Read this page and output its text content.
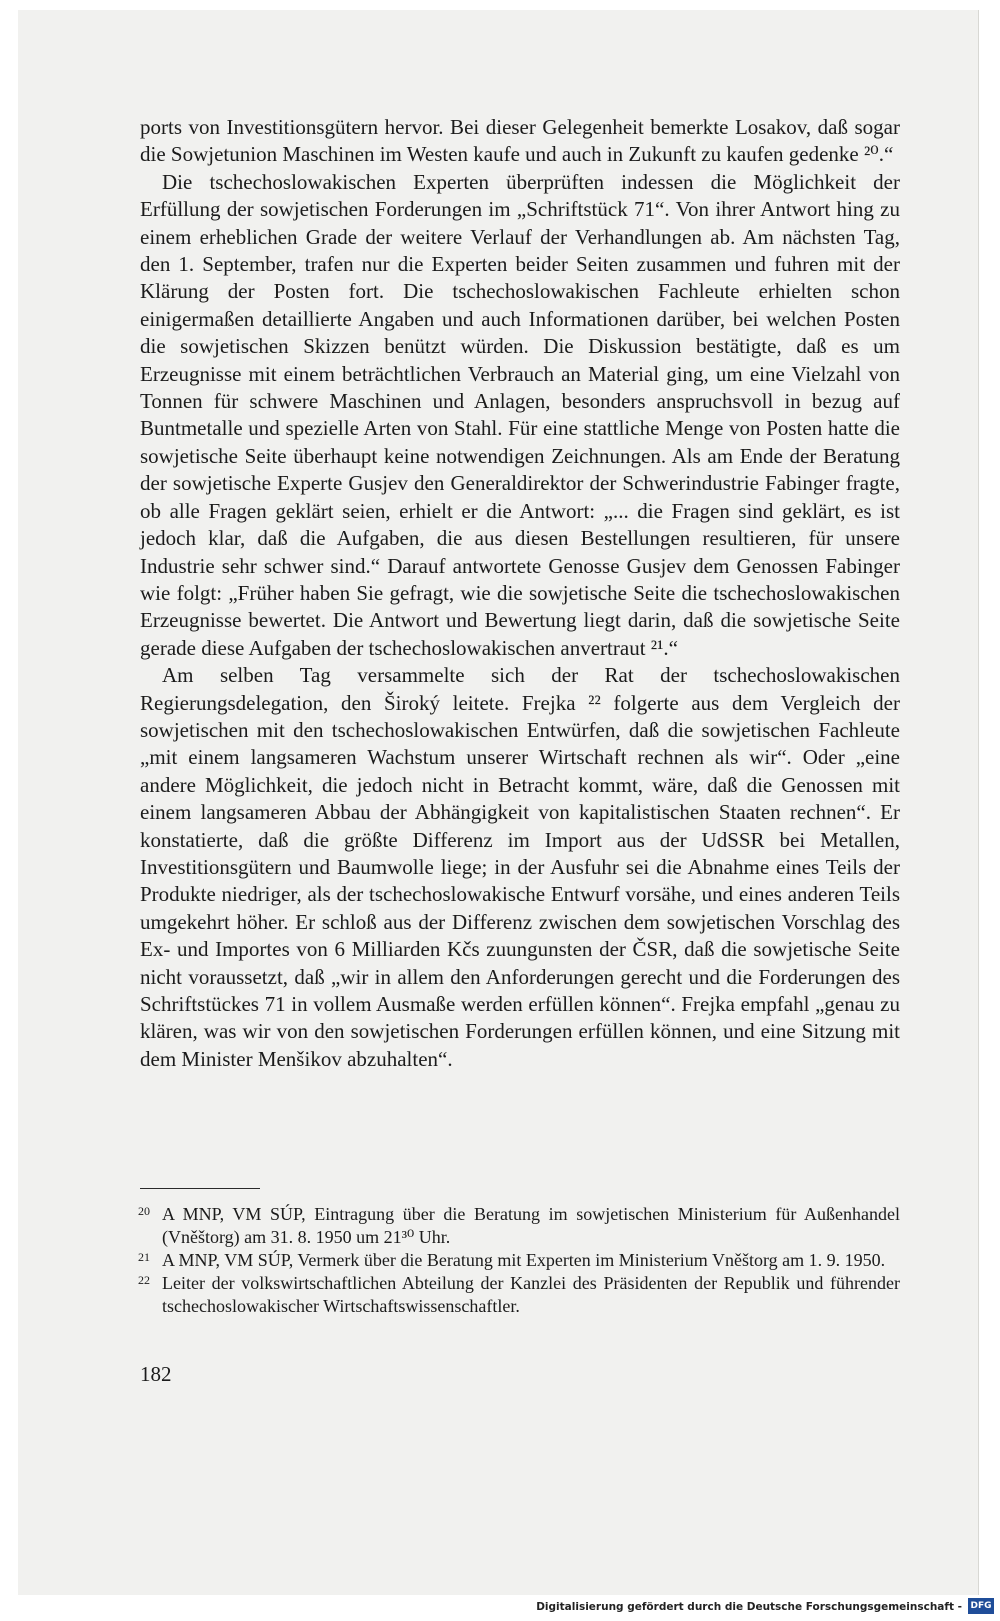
ports von Investitionsgütern hervor. Bei dieser Gelegenheit bemerkte Losakov, daß sogar die Sowjetunion Maschinen im Westen kaufe und auch in Zukunft zu kaufen gedenke ²⁰.“

Die tschechoslowakischen Experten überprüften indessen die Möglichkeit der Erfüllung der sowjetischen Forderungen im „Schriftstück 71“. Von ihrer Antwort hing zu einem erheblichen Grade der weitere Verlauf der Verhandlungen ab. Am nächsten Tag, den 1. September, trafen nur die Experten beider Seiten zusammen und fuhren mit der Klärung der Posten fort. Die tschechoslowakischen Fachleute erhielten schon einigermaßen detaillierte Angaben und auch Informationen darüber, bei welchen Posten die sowjetischen Skizzen benützt würden. Die Diskussion bestätigte, daß es um Erzeugnisse mit einem beträchtlichen Verbrauch an Material ging, um eine Vielzahl von Tonnen für schwere Maschinen und Anlagen, besonders anspruchsvoll in bezug auf Buntmetalle und spezielle Arten von Stahl. Für eine stattliche Menge von Posten hatte die sowjetische Seite überhaupt keine notwendigen Zeichnungen. Als am Ende der Beratung der sowjetische Experte Gusjev den Generaldirektor der Schwerindustrie Fabinger fragte, ob alle Fragen geklärt seien, erhielt er die Antwort: „... die Fragen sind geklärt, es ist jedoch klar, daß die Aufgaben, die aus diesen Bestellungen resultieren, für unsere Industrie sehr schwer sind.“ Darauf antwortete Genosse Gusjev dem Genossen Fabinger wie folgt: „Früher haben Sie gefragt, wie die sowjetische Seite die tschechoslowakischen Erzeugnisse bewertet. Die Antwort und Bewertung liegt darin, daß die sowjetische Seite gerade diese Aufgaben der tschechoslowakischen anvertraut ²¹.“

Am selben Tag versammelte sich der Rat der tschechoslowakischen Regierungsdelegation, den Široký leitete. Frejka ²² folgerte aus dem Vergleich der sowjetischen mit den tschechoslowakischen Entwürfen, daß die sowjetischen Fachleute „mit einem langsameren Wachstum unserer Wirtschaft rechnen als wir“. Oder „eine andere Möglichkeit, die jedoch nicht in Betracht kommt, wäre, daß die Genossen mit einem langsameren Abbau der Abhängigkeit von kapitalistischen Staaten rechnen“. Er konstatierte, daß die größte Differenz im Import aus der UdSSR bei Metallen, Investitionsgütern und Baumwolle liege; in der Ausfuhr sei die Abnahme eines Teils der Produkte niedriger, als der tschechoslowakische Entwurf vorsähe, und eines anderen Teils umgekehrt höher. Er schloß aus der Differenz zwischen dem sowjetischen Vorschlag des Ex- und Importes von 6 Milliarden Kčs zuungunsten der ČSR, daß die sowjetische Seite nicht voraussetzt, daß „wir in allem den Anforderungen gerecht und die Forderungen des Schriftstückes 71 in vollem Ausmaße werden erfüllen können“. Frejka empfahl „genau zu klären, was wir von den sowjetischen Forderungen erfüllen können, und eine Sitzung mit dem Minister Menšikov abzuhalten“.

20 A MNP, VM SÚP, Eintragung über die Beratung im sowjetischen Ministerium für Außenhandel (Vněštorg) am 31. 8. 1950 um 21³⁰ Uhr.

21 A MNP, VM SÚP, Vermerk über die Beratung mit Experten im Ministerium Vněštorg am 1. 9. 1950.

22 Leiter der volkswirtschaftlichen Abteilung der Kanzlei des Präsidenten der Republik und führender tschechoslowakischer Wirtschaftswissenschaftler.

182
Digitalisierung gefördert durch die Deutsche Forschungsgemeinschaft - DFG
